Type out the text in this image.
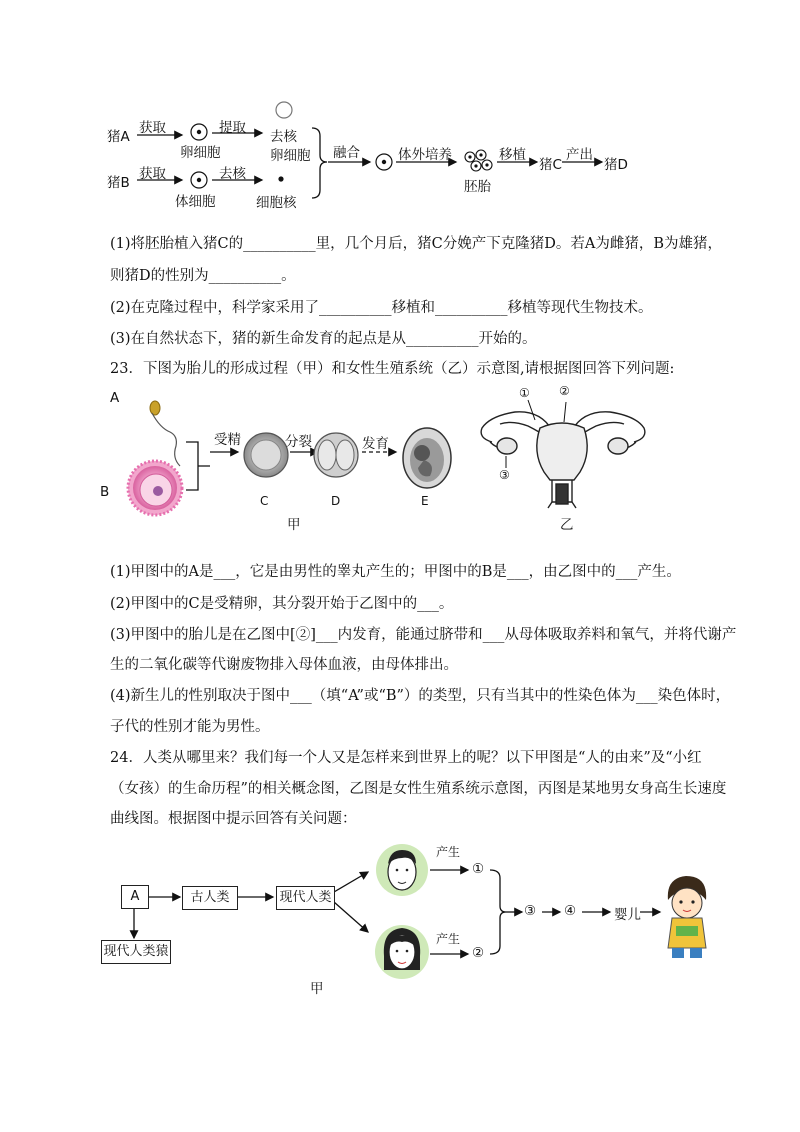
猪A
猪B
获取
获取
卵细胞
体细胞
提取
去核
去核
卵细胞
细胞核
融合	体外培养
胚胎
移植
猪C
产出
猪D
(1)将胚胎植入猪C的__________里，几个月后，猪C分娩产下克隆猪D。若A为雌猪，B为雄猪，
则猪D的性别为__________。
(2)在克隆过程中，科学家采用了__________移植和__________移植等现代生物技术。
(3)在自然状态下，猪的新生命发育的起点是从__________开始的。
23．下图为胎儿的形成过程（甲）和女性生殖系统（乙）示意图,请根据图回答下列问题:
A
B
受精	分裂	发育
C	D	E
甲	乙
① ②
③
(1)甲图中的A是___，它是由男性的睾丸产生的；甲图中的B是___，由乙图中的___产生。
(2)甲图中的C是受精卵，其分裂开始于乙图中的___。
(3)甲图中的胎儿是在乙图中[②]___内发育，能通过脐带和___从母体吸取养料和氧气，并将代谢产
生的二氧化碳等代谢废物排入母体血液，由母体排出。
(4)新生儿的性别取决于图中___（填“A”或“B”）的类型，只有当其中的性染色体为___染色体时，
子代的性别才能为男性。
24．人类从哪里来？我们每一个人又是怎样来到世界上的呢？以下甲图是“人的由来”及“小红
（女孩）的生命历程”的相关概念图，乙图是女性生殖系统示意图，丙图是某地男女身高生长速度
曲线图。根据图中提示回答有关问题：
A	古人类	现代人类
现代人类猿
产生
产生
①
②
③ ④	婴儿
甲
